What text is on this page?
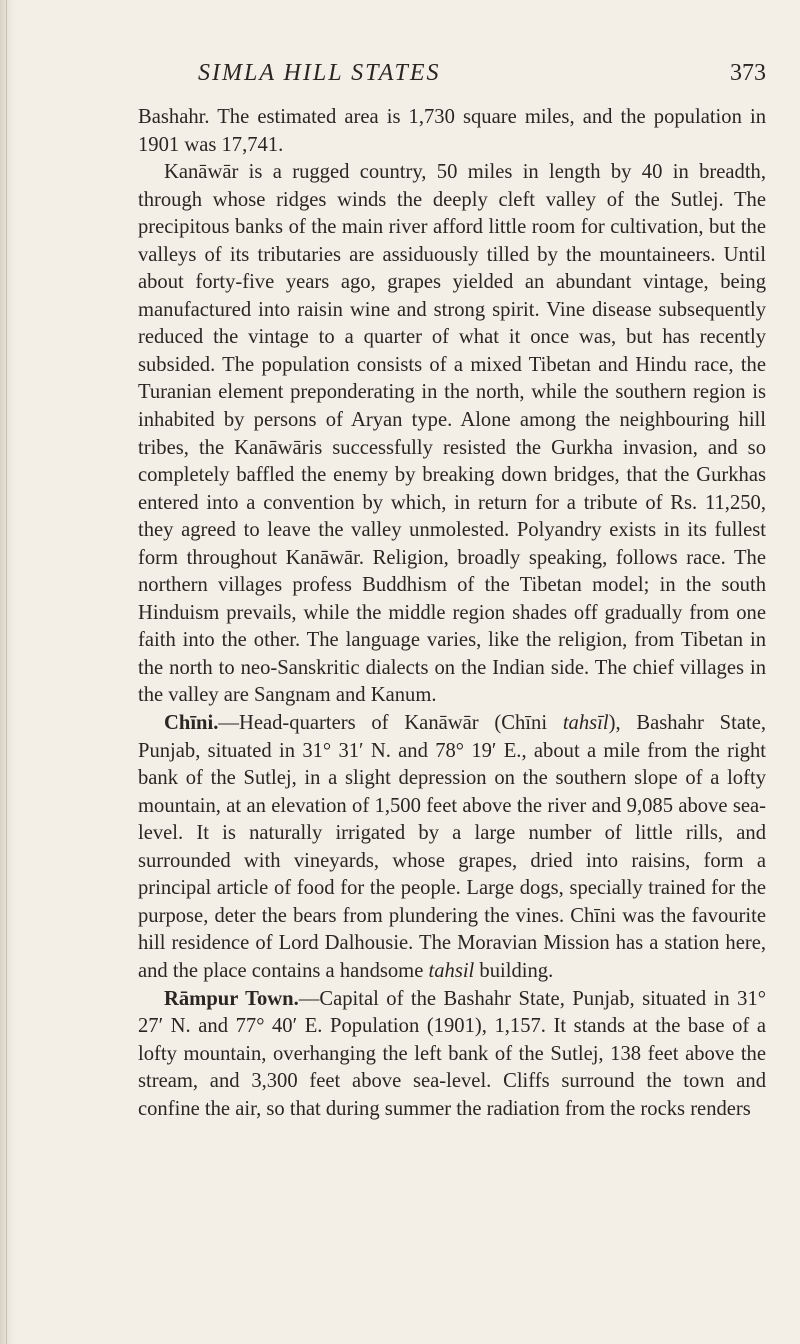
SIMLA HILL STATES	373

Bashahr. The estimated area is 1,730 square miles, and the population in 1901 was 17,741.

Kanāwār is a rugged country, 50 miles in length by 40 in breadth, through whose ridges winds the deeply cleft valley of the Sutlej. The precipitous banks of the main river afford little room for cultivation, but the valleys of its tributaries are assiduously tilled by the mountaineers. Until about forty-five years ago, grapes yielded an abundant vintage, being manufactured into raisin wine and strong spirit. Vine disease subsequently reduced the vintage to a quarter of what it once was, but has recently subsided. The population consists of a mixed Tibetan and Hindu race, the Turanian element preponderating in the north, while the southern region is inhabited by persons of Aryan type. Alone among the neighbouring hill tribes, the Kanāwāris successfully resisted the Gurkha invasion, and so completely baffled the enemy by breaking down bridges, that the Gurkhas entered into a convention by which, in return for a tribute of Rs. 11,250, they agreed to leave the valley unmolested. Polyandry exists in its fullest form throughout Kanāwār. Religion, broadly speaking, follows race. The northern villages profess Buddhism of the Tibetan model; in the south Hinduism prevails, while the middle region shades off gradually from one faith into the other. The language varies, like the religion, from Tibetan in the north to neo-Sanskritic dialects on the Indian side. The chief villages in the valley are Sangnam and Kanum.

Chīni.—Head-quarters of Kanāwār (Chīni tahsīl), Bashahr State, Punjab, situated in 31° 31′ N. and 78° 19′ E., about a mile from the right bank of the Sutlej, in a slight depression on the southern slope of a lofty mountain, at an elevation of 1,500 feet above the river and 9,085 above sea-level. It is naturally irrigated by a large number of little rills, and surrounded with vineyards, whose grapes, dried into raisins, form a principal article of food for the people. Large dogs, specially trained for the purpose, deter the bears from plundering the vines. Chīni was the favourite hill residence of Lord Dalhousie. The Moravian Mission has a station here, and the place contains a handsome tahsil building.

Rāmpur Town.—Capital of the Bashahr State, Punjab, situated in 31° 27′ N. and 77° 40′ E. Population (1901), 1,157. It stands at the base of a lofty mountain, overhanging the left bank of the Sutlej, 138 feet above the stream, and 3,300 feet above sea-level. Cliffs surround the town and confine the air, so that during summer the radiation from the rocks renders
